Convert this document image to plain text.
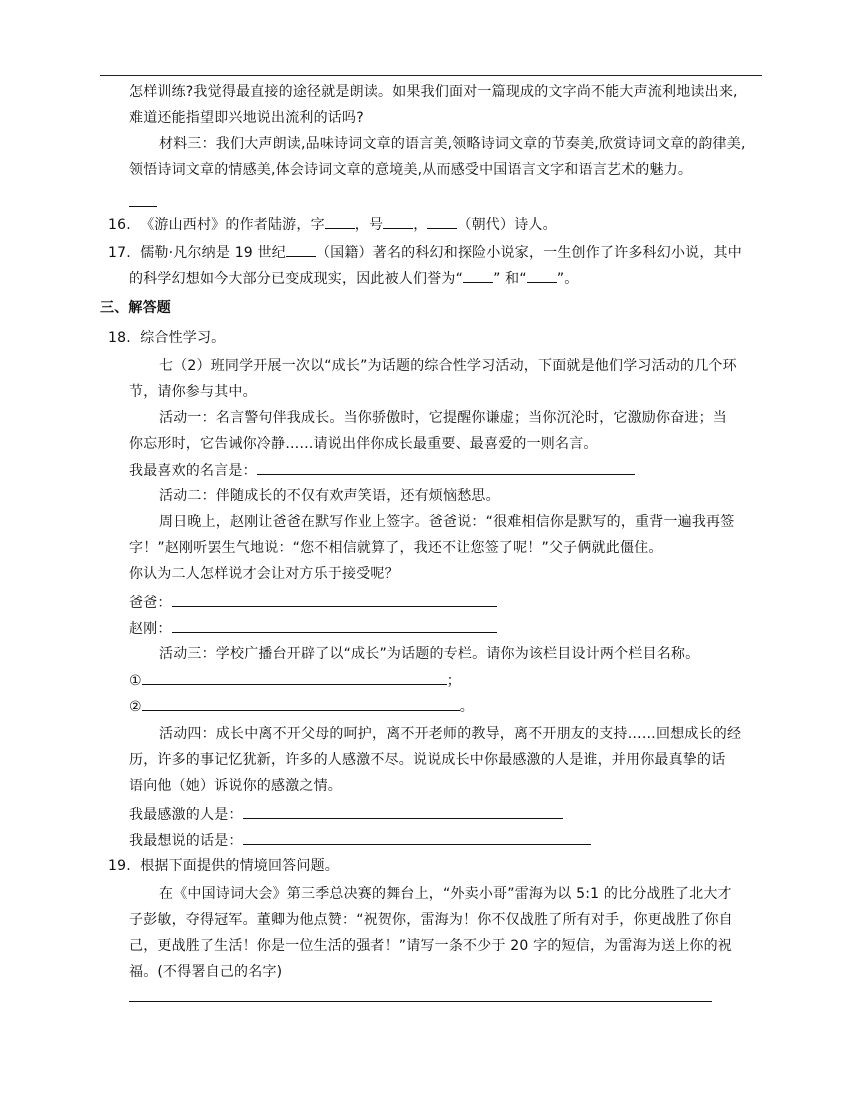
怎样训练?我觉得最直接的途径就是朗读。如果我们面对一篇现成的文字尚不能大声流利地读出来,
难道还能指望即兴地说出流利的话吗?
材料三：我们大声朗读,品味诗词文章的语言美,领略诗词文章的节奏美,欣赏诗词文章的韵律美,
领悟诗词文章的情感美,体会诗词文章的意境美,从而感受中国语言文字和语言艺术的魅力。
16. 《游山西村》的作者陆游，字 ，号 ， （朝代）诗人。
17. 儒勒·凡尔纳是 19 世纪 （国籍）著名的科幻和探险小说家，一生创作了许多科幻小说，其中
的科学幻想如今大部分已变成现实，因此被人们誉为“ ” 和“ ”。
三、解答题
18. 综合性学习。
七（2）班同学开展一次以“成长”为话题的综合性学习活动，下面就是他们学习活动的几个环
节，请你参与其中。
活动一：名言警句伴我成长。当你骄傲时，它提醒你谦虚；当你沉沦时，它激励你奋进；当
你忘形时，它告诫你冷静……请说出伴你成长最重要、最喜爱的一则名言。
我最喜欢的名言是：
活动二：伴随成长的不仅有欢声笑语，还有烦恼愁思。
周日晚上，赵刚让爸爸在默写作业上签字。爸爸说：“很难相信你是默写的，重背一遍我再签
字！”赵刚听罢生气地说：“您不相信就算了，我还不让您签了呢！”父子俩就此僵住。
你认为二人怎样说才会让对方乐于接受呢？
爸爸：
赵刚：
活动三：学校广播台开辟了以“成长”为话题的专栏。请你为该栏目设计两个栏目名称。
①	；
②	。
活动四：成长中离不开父母的呵护，离不开老师的教导，离不开朋友的支持……回想成长的经
历，许多的事记忆犹新，许多的人感激不尽。说说成长中你最感激的人是谁，并用你最真挚的话
语向他（她）诉说你的感激之情。
我最感激的人是：
我最想说的话是：
19. 根据下面提供的情境回答问题。
在《中国诗词大会》第三季总决赛的舞台上，“外卖小哥”雷海为以 5:1 的比分战胜了北大才
子彭敏，夺得冠军。董卿为他点赞：“祝贺你，雷海为！你不仅战胜了所有对手，你更战胜了你自
己，更战胜了生活！你是一位生活的强者！”请写一条不少于 20 字的短信，为雷海为送上你的祝
福。(不得署自己的名字)
